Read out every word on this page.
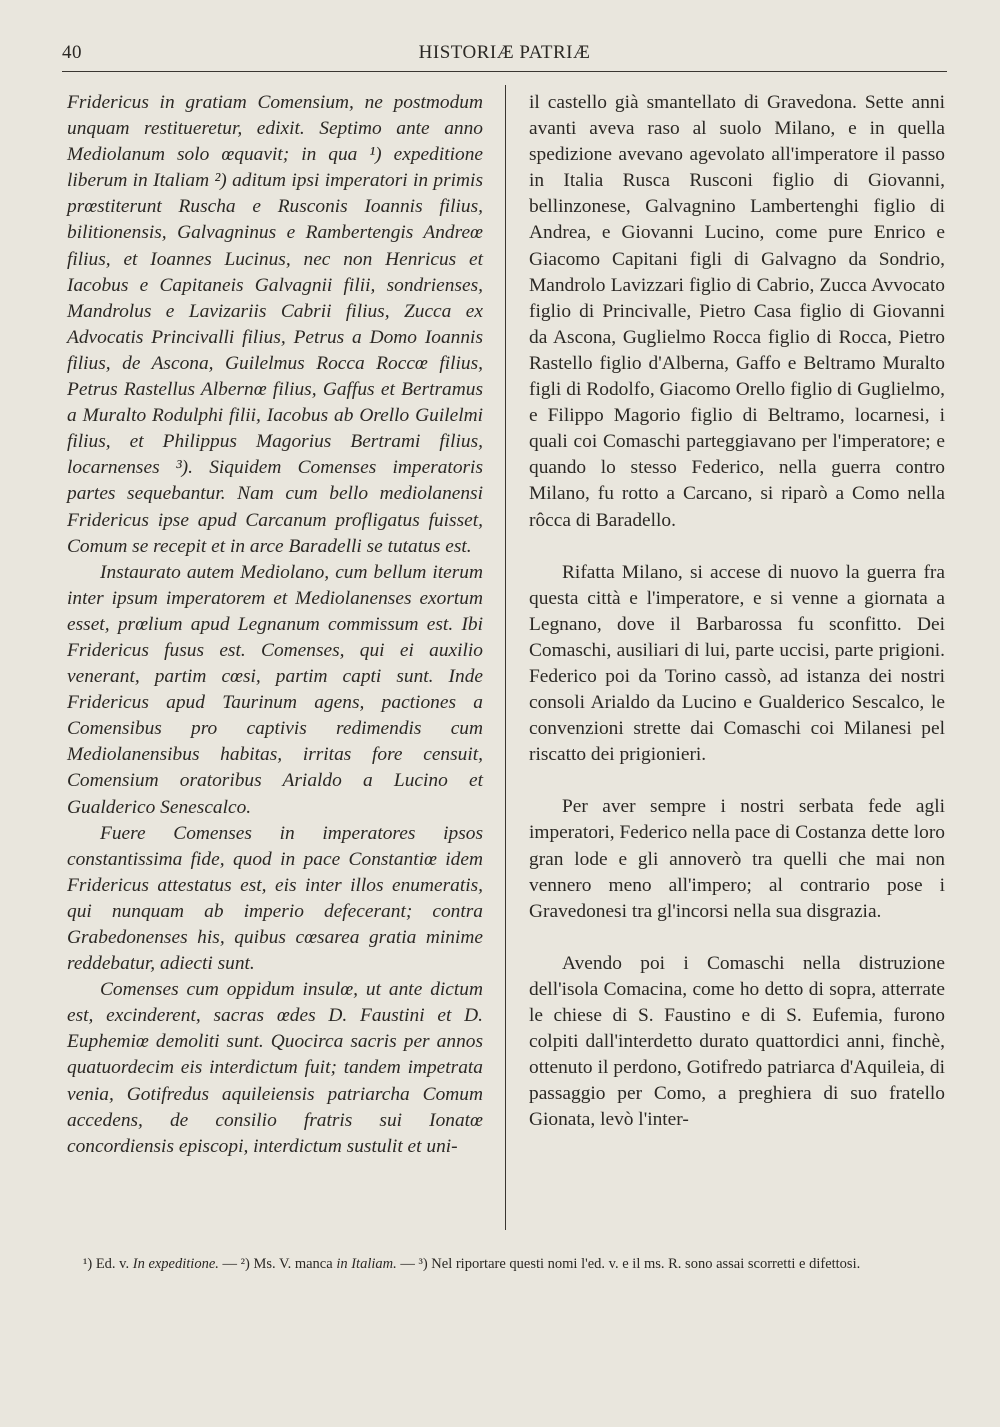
40	HISTORIÆ PATRIÆ

Fridericus in gratiam Comensium, ne postmodum unquam restitueretur, edixit. Septimo ante anno Mediolanum solo œquavit; in qua ¹) expeditione liberum in Italiam ²) aditum ipsi imperatori in primis prœstiterunt Ruscha e Rusconis Ioannis filius, bilitionensis, Galvagninus e Rambertengis Andreœ filius, et Ioannes Lucinus, nec non Henricus et Iacobus e Capitaneis Galvagnii filii, sondrienses, Mandrolus e Lavizariis Cabrii filius, Zucca ex Advocatis Princivalli filius, Petrus a Domo Ioannis filius, de Ascona, Guilelmus Rocca Roccœ filius, Petrus Rastellus Albernœ filius, Gaffus et Bertramus a Muralto Rodulphi filii, Iacobus ab Orello Guilelmi filius, et Philippus Magorius Bertrami filius, locarnenses ³). Siquidem Comenses imperatoris partes sequebantur. Nam cum bello mediolanensi Fridericus ipse apud Carcanum profligatus fuisset, Comum se recepit et in arce Baradelli se tutatus est.

Instaurato autem Mediolano, cum bellum iterum inter ipsum imperatorem et Mediolanenses exortum esset, prœlium apud Legnanum commissum est. Ibi Fridericus fusus est. Comenses, qui ei auxilio venerant, partim cœsi, partim capti sunt. Inde Fridericus apud Taurinum agens, pactiones a Comensibus pro captivis redimendis cum Mediolanensibus habitas, irritas fore censuit, Comensium oratoribus Arialdo a Lucino et Gualderico Senescalco.

Fuere Comenses in imperatores ipsos constantissima fide, quod in pace Constantiœ idem Fridericus attestatus est, eis inter illos enumeratis, qui nunquam ab imperio defecerant; contra Grabedonenses his, quibus cœsarea gratia minime reddebatur, adiecti sunt.

Comenses cum oppidum insulœ, ut ante dictum est, excinderent, sacras œdes D. Faustini et D. Euphemiœ demoliti sunt. Quocirca sacris per annos quatuordecim eis interdictum fuit; tandem impetrata venia, Gotifredus aquileiensis patriarcha Comum accedens, de consilio fratris sui Ionatœ concordiensis episcopi, interdictum sustulit et uni-

il castello già smantellato di Gravedona. Sette anni avanti aveva raso al suolo Milano, e in quella spedizione avevano agevolato all'imperatore il passo in Italia Rusca Rusconi figlio di Giovanni, bellinzonese, Galvagnino Lambertenghi figlio di Andrea, e Giovanni Lucino, come pure Enrico e Giacomo Capitani figli di Galvagno da Sondrio, Mandrolo Lavizzari figlio di Cabrio, Zucca Avvocato figlio di Princivalle, Pietro Casa figlio di Giovanni da Ascona, Guglielmo Rocca figlio di Rocca, Pietro Rastello figlio d'Alberna, Gaffo e Beltramo Muralto figli di Rodolfo, Giacomo Orello figlio di Guglielmo, e Filippo Magorio figlio di Beltramo, locarnesi, i quali coi Comaschi parteggiavano per l'imperatore; e quando lo stesso Federico, nella guerra contro Milano, fu rotto a Carcano, si riparò a Como nella rôcca di Baradello.

Rifatta Milano, si accese di nuovo la guerra fra questa città e l'imperatore, e si venne a giornata a Legnano, dove il Barbarossa fu sconfitto. Dei Comaschi, ausiliari di lui, parte uccisi, parte prigioni. Federico poi da Torino cassò, ad istanza dei nostri consoli Arialdo da Lucino e Gualderico Sescalco, le convenzioni strette dai Comaschi coi Milanesi pel riscatto dei prigionieri.

Per aver sempre i nostri serbata fede agli imperatori, Federico nella pace di Costanza dette loro gran lode e gli annoverò tra quelli che mai non vennero meno all'impero; al contrario pose i Gravedonesi tra gl'incorsi nella sua disgrazia.

Avendo poi i Comaschi nella distruzione dell'isola Comacina, come ho detto di sopra, atterrate le chiese di S. Faustino e di S. Eufemia, furono colpiti dall'interdetto durato quattordici anni, finchè, ottenuto il perdono, Gotifredo patriarca d'Aquileia, di passaggio per Como, a preghiera di suo fratello Gionata, levò l'inter-

¹) Ed. v. In expeditione. — ²) Ms. V. manca in Italiam. — ³) Nel riportare questi nomi l'ed. v. e il ms. R. sono assai scorretti e difettosi.
